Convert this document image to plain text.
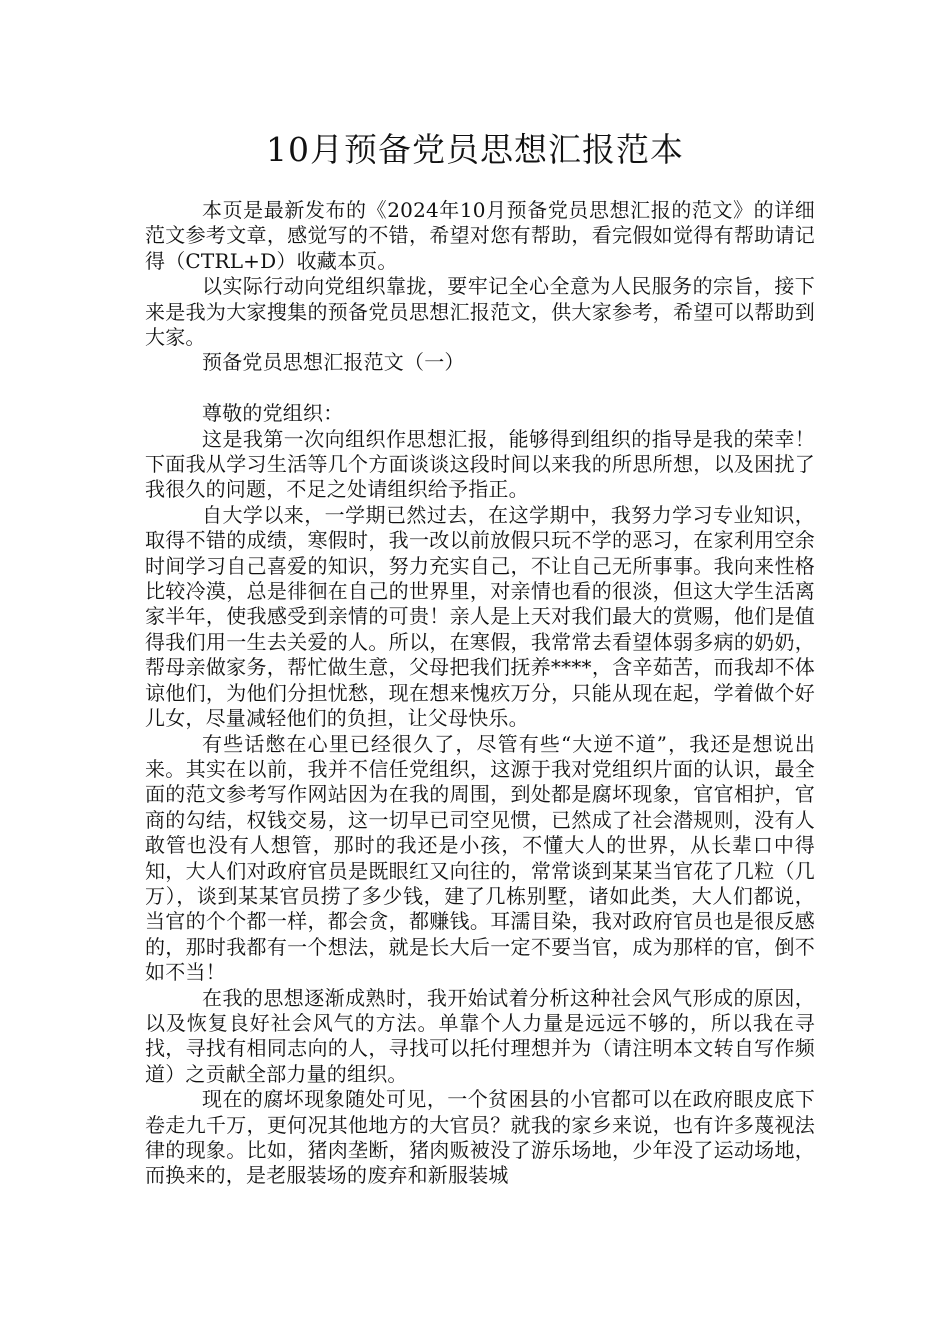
10月预备党员思想汇报范本

本页是最新发布的《2024年10月预备党员思想汇报的范文》的详细范文参考文章，感觉写的不错，希望对您有帮助，看完假如觉得有帮助请记得（CTRL+D）收藏本页。

以实际行动向党组织靠拢，要牢记全心全意为人民服务的宗旨，接下来是我为大家搜集的预备党员思想汇报范文，供大家参考，希望可以帮助到大家。

预备党员思想汇报范文（一）

尊敬的党组织：

这是我第一次向组织作思想汇报，能够得到组织的指导是我的荣幸！下面我从学习生活等几个方面谈谈这段时间以来我的所思所想，以及困扰了我很久的问题，不足之处请组织给予指正。

自大学以来，一学期已然过去，在这学期中，我努力学习专业知识，取得不错的成绩，寒假时，我一改以前放假只玩不学的恶习，在家利用空余时间学习自己喜爱的知识，努力充实自己，不让自己无所事事。我向来性格比较冷漠，总是徘徊在自己的世界里，对亲情也看的很淡，但这大学生活离家半年，使我感受到亲情的可贵！亲人是上天对我们最大的赏赐，他们是值得我们用一生去关爱的人。所以，在寒假，我常常去看望体弱多病的奶奶，帮母亲做家务，帮忙做生意，父母把我们抚养****，含辛茹苦，而我却不体谅他们，为他们分担忧愁，现在想来愧疚万分，只能从现在起，学着做个好儿女，尽量减轻他们的负担，让父母快乐。

有些话憋在心里已经很久了，尽管有些“大逆不道”，我还是想说出来。其实在以前，我并不信任党组织，这源于我对党组织片面的认识，最全面的范文参考写作网站因为在我的周围，到处都是腐坏现象，官官相护，官商的勾结，权钱交易，这一切早已司空见惯，已然成了社会潜规则，没有人敢管也没有人想管，那时的我还是小孩，不懂大人的世界，从长辈口中得知，大人们对政府官员是既眼红又向往的，常常谈到某某当官花了几粒（几万），谈到某某官员捞了多少钱，建了几栋别墅，诸如此类，大人们都说，当官的个个都一样，都会贪，都赚钱。耳濡目染，我对政府官员也是很反感的，那时我都有一个想法，就是长大后一定不要当官，成为那样的官，倒不如不当！

在我的思想逐渐成熟时，我开始试着分析这种社会风气形成的原因，以及恢复良好社会风气的方法。单靠个人力量是远远不够的，所以我在寻找，寻找有相同志向的人，寻找可以托付理想并为（请注明本文转自写作频道）之贡献全部力量的组织。

现在的腐坏现象随处可见，一个贫困县的小官都可以在政府眼皮底下卷走九千万，更何况其他地方的大官员？就我的家乡来说，也有许多蔑视法律的现象。比如，猪肉垄断，猪肉贩被没了游乐场地，少年没了运动场地，而换来的，是老服装场的废弃和新服装城
